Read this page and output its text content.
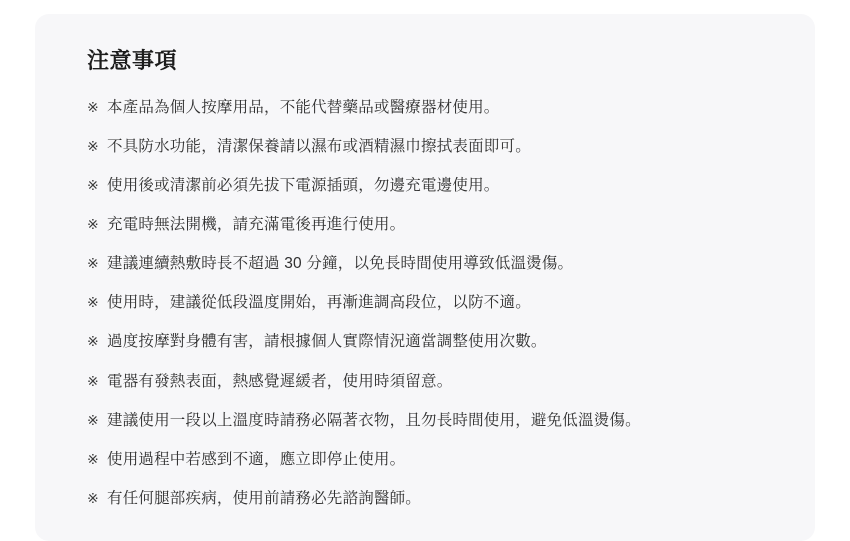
注意事項
※ 本產品為個人按摩用品，不能代替藥品或醫療器材使用。
※ 不具防水功能，清潔保養請以濕布或酒精濕巾擦拭表面即可。
※ 使用後或清潔前必須先拔下電源插頭，勿邊充電邊使用。
※ 充電時無法開機，請充滿電後再進行使用。
※ 建議連續熱敷時長不超過 30 分鐘，以免長時間使用導致低溫燙傷。
※ 使用時，建議從低段溫度開始，再漸進調高段位，以防不適。
※ 過度按摩對身體有害，請根據個人實際情況適當調整使用次數。
※ 電器有發熱表面，熱感覺遲緩者，使用時須留意。
※ 建議使用一段以上溫度時請務必隔著衣物，且勿長時間使用，避免低溫燙傷。
※ 使用過程中若感到不適，應立即停止使用。
※ 有任何腿部疾病，使用前請務必先諮詢醫師。
